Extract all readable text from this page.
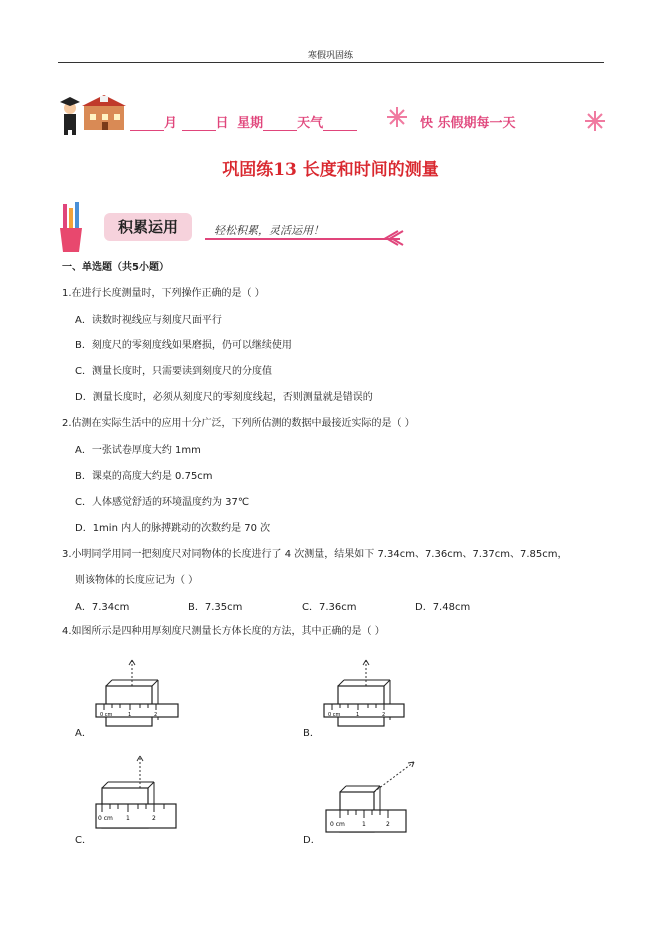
寒假巩固练
月	日 星期	天气	快 乐假期每一天
巩固练13 长度和时间的测量
积累运用	轻松积累，灵活运用！
一、单选题（共5小题）
1.在进行长度测量时，下列操作正确的是（ ）
A．读数时视线应与刻度尺面平行
B．刻度尺的零刻度线如果磨损，仍可以继续使用
C．测量长度时，只需要读到刻度尺的分度值
D．测量长度时，必须从刻度尺的零刻度线起，否则测量就是错误的
2.估测在实际生活中的应用十分广泛，下列所估测的数据中最接近实际的是（ ）
A．一张试卷厚度大约 1mm
B．课桌的高度大约是 0.75cm
C．人体感觉舒适的环境温度约为 37℃
D．1min 内人的脉搏跳动的次数约是 70 次
3.小明同学用同一把刻度尺对同物体的长度进行了 4 次测量，结果如下 7.34cm、7.36cm、7.37cm、7.85cm，
则该物体的长度应记为（ ）
A．7.34cm	B．7.35cm	C．7.36cm	D．7.48cm
4.如图所示是四种用厚刻度尺测量长方体长度的方法，其中正确的是（ ）
0 cm	1	2
A．
0 cm	1	2
B．
0 cm 1	2
C．
0 cm	1	2
D．
